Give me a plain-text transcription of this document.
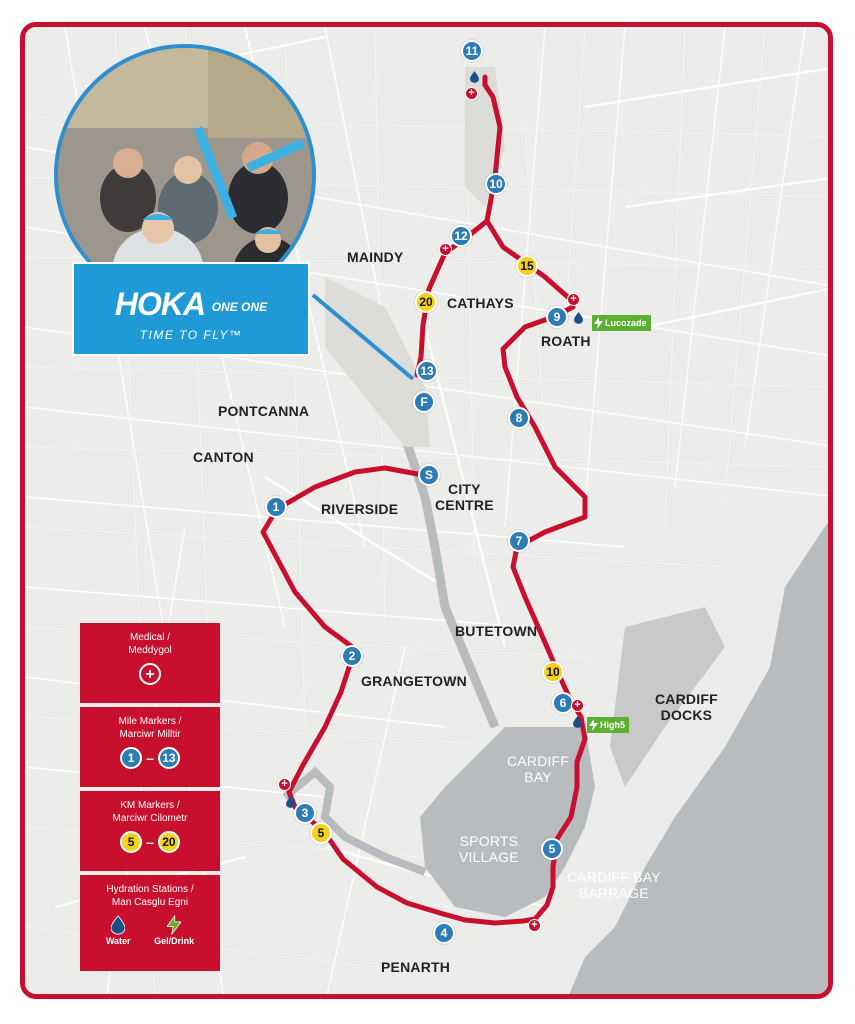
MAINDY
CATHAYS
ROATH
PONTCANNA
CANTON
RIVERSIDE
CITY
CENTRE
BUTETOWN
GRANGETOWN
CARDIFF
DOCKS
CARDIFF
BAY
SPORTS
VILLAGE
CARDIFF BAY
BARRAGE
PENARTH
1
2
3
4
5
6
7
8
9
10
11
12
13
S
F
5
10
15
20
+
+
+
+
+
+
Lucozade
High5
Medical /
Meddygol
+
Mile Markers /
Marciwr Milltir
1 – 13
KM Markers /
Marciwr Cilometr
5 – 20
Hydration Stations /
Man Casglu Egni
Water	Gel/Drink
HOKA ONE ONE
TIME TO FLY™
